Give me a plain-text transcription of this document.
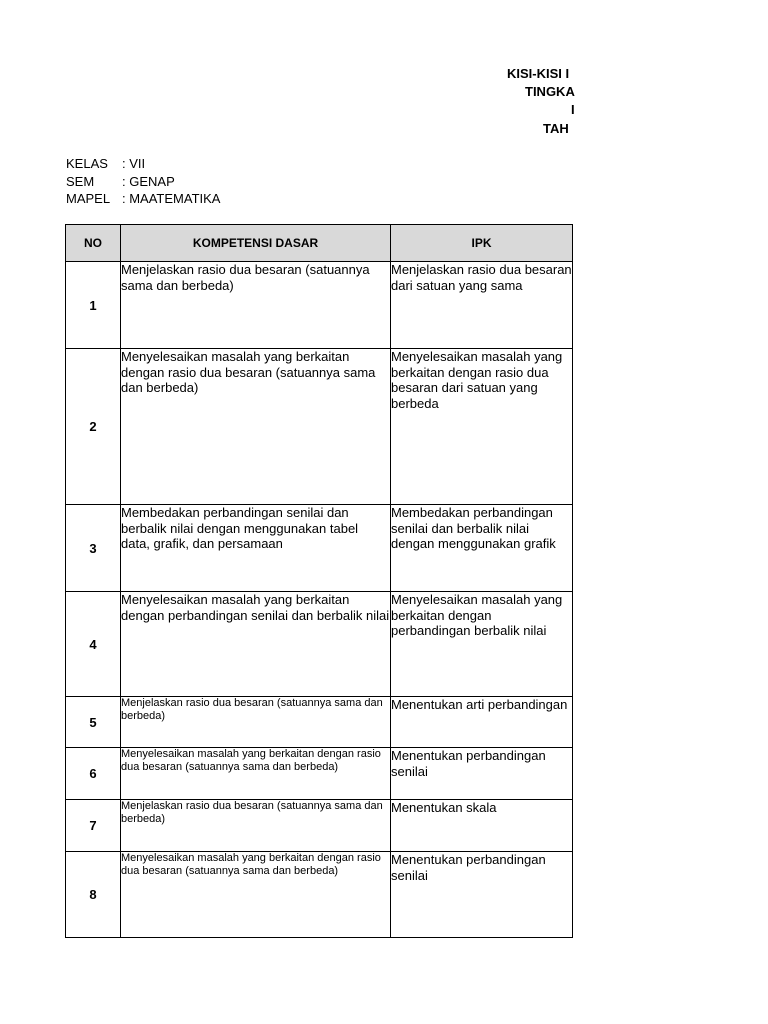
KISI-KISI I
TINGKA
I
TAH
KELAS	: VII
SEM	: GENAP
MAPEL : MAATEMATIKA
NO	KOMPETENSI DASAR	IPK
1	Menjelaskan rasio dua besaran (satuannya sama dan berbeda)	Menjelaskan rasio dua besaran dari satuan yang sama

2	Menyelesaikan masalah yang berkaitan dengan rasio dua besaran (satuannya sama dan berbeda)	Menyelesaikan masalah yang berkaitan dengan rasio dua besaran dari satuan yang berbeda

3	Membedakan perbandingan senilai dan berbalik nilai dengan menggunakan tabel data, grafik, dan persamaan	Membedakan perbandingan senilai dan berbalik nilai dengan menggunakan grafik

4	Menyelesaikan masalah yang berkaitan dengan perbandingan senilai dan berbalik nilai	Menyelesaikan masalah yang berkaitan dengan perbandingan berbalik nilai

5	Menjelaskan rasio dua besaran (satuannya sama dan berbeda)	Menentukan arti perbandingan

6	Menyelesaikan masalah yang berkaitan dengan rasio dua besaran (satuannya sama dan berbeda)	Menentukan perbandingan senilai

7	Menjelaskan rasio dua besaran (satuannya sama dan berbeda)	Menentukan skala

8	Menyelesaikan masalah yang berkaitan dengan rasio dua besaran (satuannya sama dan berbeda)	Menentukan perbandingan senilai
